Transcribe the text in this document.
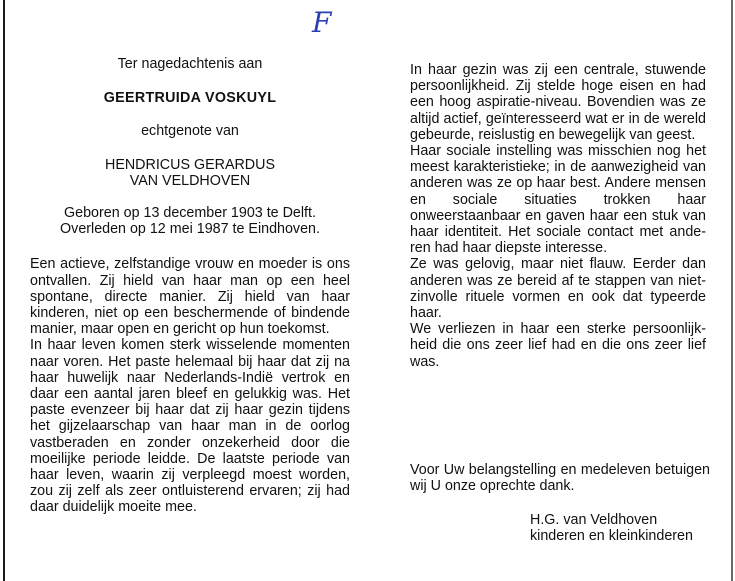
F
Ter nagedachtenis aan
GEERTRUIDA VOSKUYL
echtgenote van
HENDRICUS GERARDUS
VAN VELDHOVEN
Geboren op 13 december 1903 te Delft.
Overleden op 12 mei 1987 te Eindhoven.

Een actieve, zelfstandige vrouw en moeder is ons ontvallen. Zij hield van haar man op een heel spontane, directe manier. Zij hield van haar kinderen, niet op een beschermende of bindende manier, maar open en gericht op hun toekomst.

In haar leven komen sterk wisselende momenten naar voren. Het paste helemaal bij haar dat zij na haar huwelijk naar Nederlands-Indië vertrok en daar een aantal jaren bleef en gelukkig was. Het paste evenzeer bij haar dat zij haar gezin tijdens het gijzelaarschap van haar man in de oorlog vastberaden en zonder onzekerheid door die moeilijke periode leidde. De laatste periode van haar leven, waarin zij verpleegd moest worden, zou zij zelf als zeer ontluisterend ervaren; zij had daar duidelijk moeite mee.

In haar gezin was zij een centrale, stuwende persoonlijkheid. Zij stelde hoge eisen en had een hoog aspiratie-niveau. Bovendien was ze altijd actief, geïnteresseerd wat er in de wereld gebeurde, reislustig en bewegelijk van geest.

Haar sociale instelling was misschien nog het meest karakteristieke; in de aanwezigheid van anderen was ze op haar best. Andere mensen en sociale situaties trokken haar onweerstaanbaar en gaven haar een stuk van haar identiteit. Het sociale contact met anderen had haar diepste interesse.

Ze was gelovig, maar niet flauw. Eerder dan anderen was ze bereid af te stappen van nietzinvolle rituele vormen en ook dat typeerde haar.

We verliezen in haar een sterke persoonlijkheid die ons zeer lief had en die ons zeer lief was.

Voor Uw belangstelling en medeleven betuigen wij U onze oprechte dank.
H.G. van Veldhoven
kinderen en kleinkinderen
